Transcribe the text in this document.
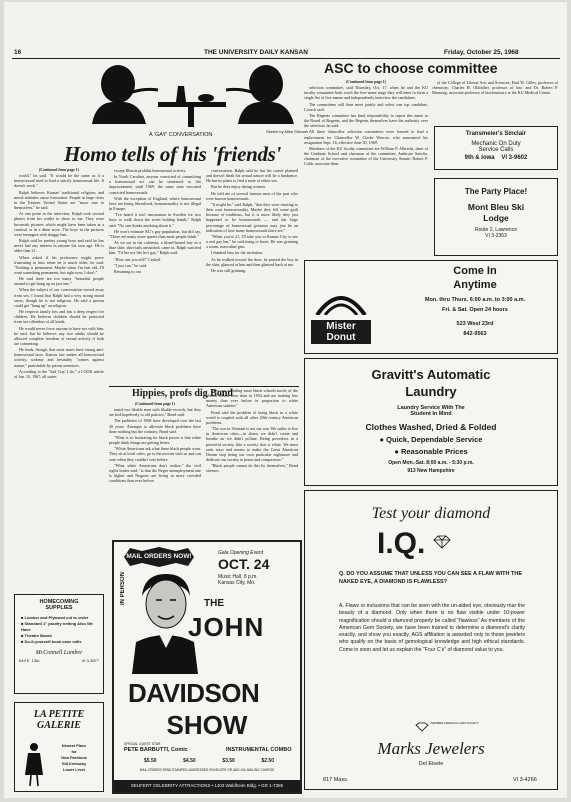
16	THE UNIVERSITY DAILY KANSAN	Friday, October 25, 1968
Sketch by Mike Shearer
A 'GAY' CONVERSATION
Homo tells of his 'friends'
(Continued from page 1)

world," he said. "It would be the same as if a heterosexual tried to lead a strictly homosexual life. It doesn't work."

Ralph believes Kansas' traditional religious and moral attitudes cause frustration. People in large cities in the Eastern United States are "more true to themselves," he said.

At one point in the interview, Ralph took several photos from his wallet to show to me. They were brownish pictures which might have been taken at a carnival or in a dime store. The boys in the pictures were teenagers with shaggy hair.

Ralph said he prefers young boys and said he has never had any interest in anyone his own age. He is older than 21.

When asked if his preference might prove frustrating to him when he is much older, he said: "Nothing is permanent. Maybe when I'm that old, I'll want something permanent, but right now, I don't."

He said there are too many "beautiful people around to get hung up on just one."

When the subject of our conversation veered away from sex, I found that Ralph had a very strong moral sense, though he is not religious. He said a person could get "hung up" on religion.

He respects family ties and has a deep respect for children. He believes children should be protected from sex offenders of all kinds.

He would never force anyone to have sex with him, he said, but he believes any two adults should be allowed complete freedom of sexual activity if both are consenting.

He finds, though, that most states have strong anti-homosexual laws. Kansas law makes all homosexual activity, sodomy and bestiality "crimes against nature," punishable by prison sentences.

According to the "Sad 'Gay' Life," a LOOK article of Jan. 10, 1967, all states

except Illinois prohibit homosexual activity.

In North Carolina, anyone convicted of committing a homosexual act can be sentenced to life imprisonment; until 1969, the same state executed convicted homosexuals.

With the exception of England, where homosexual laws are being liberalized, homosexuality is not illegal in Europe.

"I've heard it isn't uncommon in Sweden for two boys to walk down the street holding hands," Ralph said. "No one thinks anything about it."

He won't estimate KU's gay population, but did say, "There are many more queers than most people think."

As we sat in the cafeteria, a blond-haired boy in a blue shirt, shirt-tails unstacked, came in. Ralph watched him. "I'd bet my life he's gay," Ralph said.

"How can you tell?" I asked.

"I just can," he said.

Returning to our

conversation, Ralph said he has his career planned and doesn't think his sexual nature will be a hindrance. He has no plans to find a mate of either sex.

But he does enjoy dating women.

He told me of several famous men of the past who were known homosexuals.

"It might be," said Ralph, "that they were reacting to their own homosexuality. Maybe they felt some guilt because of traditions, but it is more likely they just happened to be homosexuals — and the large percentage of homosexual geniuses may just be an indication of how many homosexuals there are."

"When you're 21, I'll take you to Kansas City to see a real gay bar," he said rising to leave. He was grinning a warm, masculine grin.

I thanked him for the invitation.

As he walked toward the door, he passed the boy in the shirt, glanced at him and then glanced back at me.

He was still grinning.

Hippies, profs dig Bond
(Continued from page 1)

nated two likable men with likable records, but they are tied hopelessly to old policies," Bond said.

The problems of 1968 have developed over the last 20 years. Attempts to alleviate black problems have done nothing but the contrary, Bond said.

"What is so frustrating for black power is that white people think things are getting better.

"White Americans ask what these black people want. They sit at local cafes, go to the movies with us and can vote when they couldn't vote before.

"What white Americans don't realize," the civil rights leader said, "is that the Negro unemployment rate is higher and Negroes are living in more crowded conditions than ever before.

They are attending more black schools north; of the Mason Dixon Line than in 1954 and are making less money than ever before in proportion to white American salaries."

Bond said the problem of being black in a white world is coupled with all other 20th century American problems.

"The war in Vietnam is not our war. We suffer to live in American cities—in slums we didn't create and breathe air we didn't pollute. Being powerless in a powerful society, like a society that is white. We must seek ways and means to make the Great American Dream stop being our own particular nightmare and dedicate our society to peace and compassion."

"Black people cannot do this by themselves," Bond stresses.

ASC to choose committee
(Continued from page 1)

selection committee, said Thursday, Oct. 17, when he and the KU faculty committee both reach the five-name stage they will meet to form a single list of five names and independently interview the candidates.

The committees will then meet jointly and select one top candidate, Crouch said.

The Regents committee has final responsibility to report this name to the Board of Regents, and the Regents themselves have the authority over the selection, he said.

All three chancellor selection committees were formed to find a replacement for Chancellor W. Clarke Wescoe, who announced his resignation Sept. 16, effective June 30, 1969.

Members of the KU faculty committee are William P. Albrecht, dean of the Graduate School and chairman of the committee; Ambrose Saricks, chairman of the executive committee of the University Senate; Robert P. Cobb, associate dean

of the College of Liberal Arts and Sciences; Paul W. Gilles, professor of chemistry; Charles H. Oldfather, professor of law; and Dr. Robert P. Manning, associate professor of biochemistry at the KU Medical Center.

Transmeier's Sinclair
Mechanic On Duty
Service Calls
9th & Iowa VI 3-9602
The Party Place!
Mont Bleu Ski
Lodge
Route 2, Lawrence
VI 3-2363
Come In
Anytime
Mon. thru Thurs. 6:00 a.m. to 3:00 a.m.
Fri. & Sat. Open 24 hours
523 West 23rd
842-9563
Mister
Donut
Gravitt's Automatic
Laundry
Laundry Service With The
Student In Mind
Clothes Washed, Dried & Folded
● Quick, Dependable Service
● Reasonable Prices
Open Mon.-Sat. 8:00 a.m. - 5:30 p.m.
913 New Hampshire
Test your diamond
I.Q.
Q. DO YOU ASSUME THAT UNLESS YOU CAN SEE A FLAW WITH THE NAKED EYE, A DIAMOND IS FLAWLESS?
A. Flaws or inclusions that can be seen with the un-aided eye, obviously mar the beauty of a diamond. Only when there is no flaw visible under 10-power magnification should a diamond properly be called "flawless" As members of the American Gem Society, we have been trained to determine a diamond's clarity exactly, and show you exactly. AGS affiliation is awarded only to those jewelers who qualify on the basis of gemological knowledge and high ethical standards. Come in soon and let us explain the "Four C's" of diamond value to you.
MEMBER AMERICAN GEM SOCIETY
Marks Jewelers
Del Eisele
817 Mass.	VI 3-4266
HOMECOMING
SUPPLIES
■ Lumber and Plywood cut to order
■ Standard 1" poultry netting Also We Have
■ Theatre Board
■ Do-it-yourself book case mills
McConnell Lumber
844 E. 13th	VI 3-3877
LA PETITE
GALERIE
Newest Place
for
New Fashions
918 Kentucky
Lower Level
MAIL ORDERS NOW!
IN PERSON
Gala Opening Event
OCT. 24
Music Hall, 8 p.m.
Kansas City, Mo.
THE
JOHN
DAVIDSON
SHOW
SPECIAL GUEST STAR
PETE BARBUTTI, Comic	INSTRUMENTAL COMBO
$5.50	$4.50	$3.50	$2.50
MAIL ORDERS SEND STAMPED-ADDRESSED ENVELOPE OR ADD 10¢ MAILING CHARGE
SEUFERT CELEBRITY ATTRACTIONS • 1403 Waldheim Bldg. • GR 1-7385
